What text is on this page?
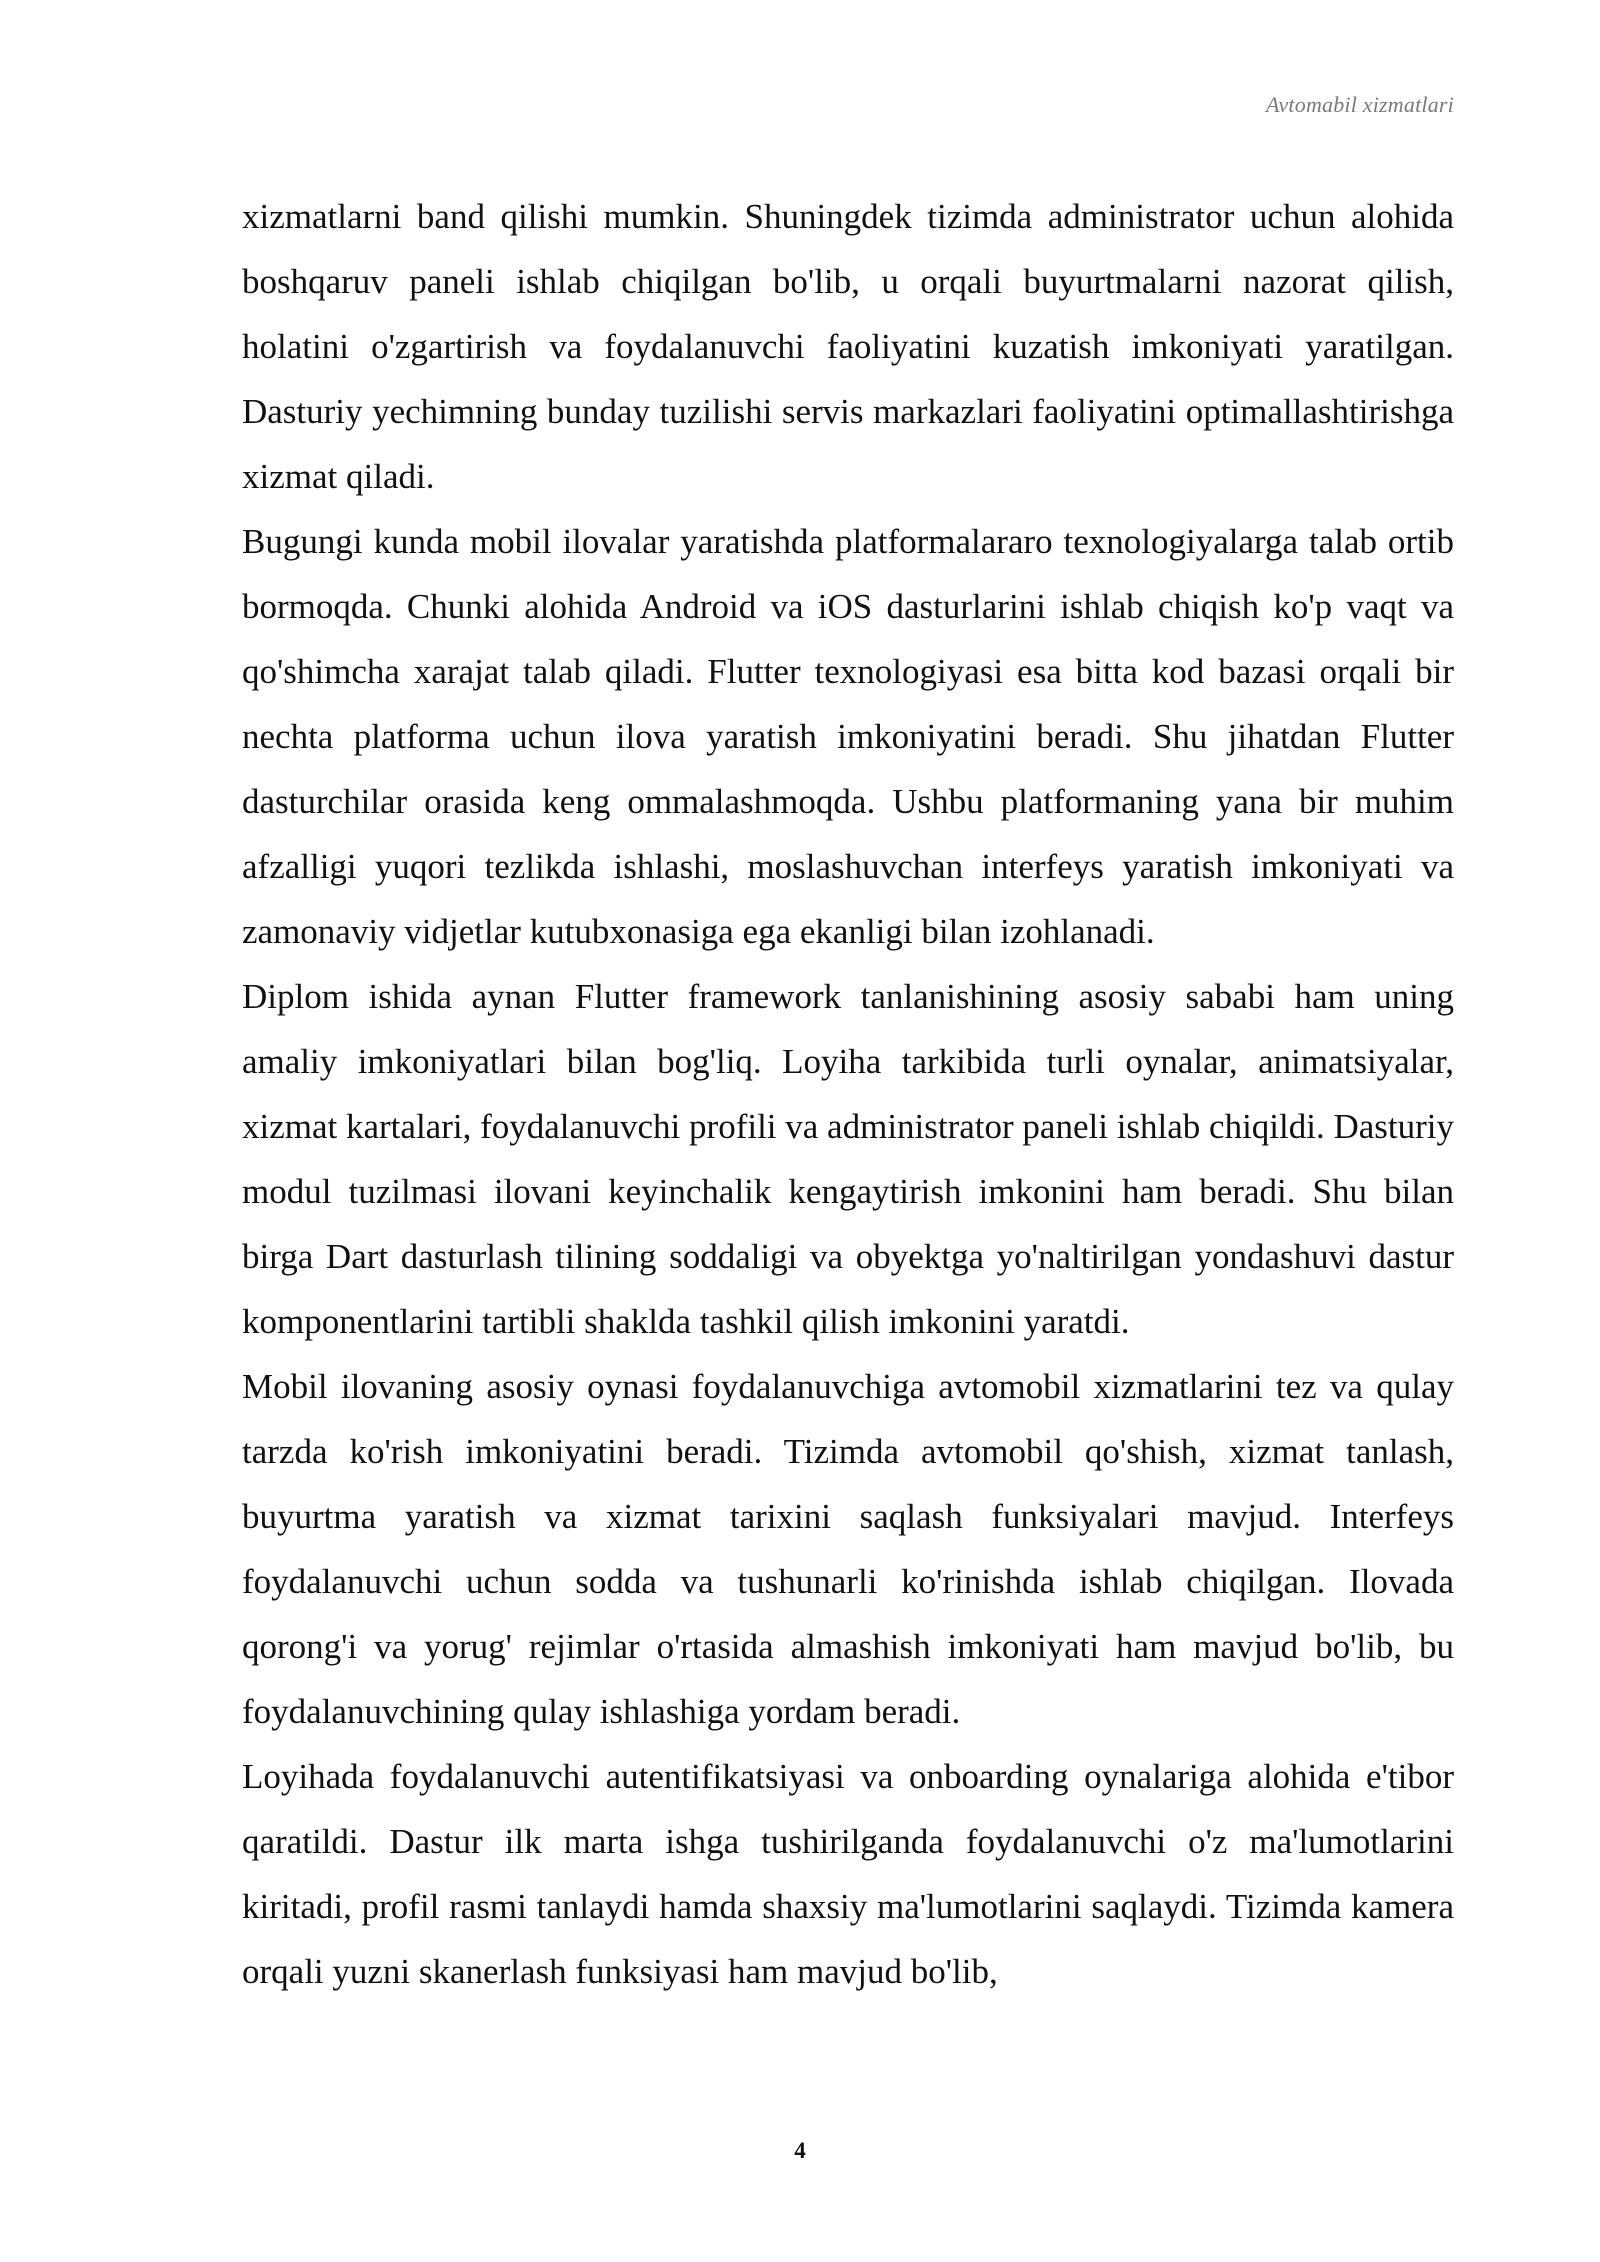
Avtomabil xizmatlari

xizmatlarni band qilishi mumkin. Shuningdek tizimda administrator uchun alohida boshqaruv paneli ishlab chiqilgan bo'lib, u orqali buyurtmalarni nazorat qilish, holatini o'zgartirish va foydalanuvchi faoliyatini kuzatish imkoniyati yaratilgan. Dasturiy yechimning bunday tuzilishi servis markazlari faoliyatini optimallashtirishga xizmat qiladi.

Bugungi kunda mobil ilovalar yaratishda platformalararo texnologiyalarga talab ortib bormoqda. Chunki alohida Android va iOS dasturlarini ishlab chiqish ko'p vaqt va qo'shimcha xarajat talab qiladi. Flutter texnologiyasi esa bitta kod bazasi orqali bir nechta platforma uchun ilova yaratish imkoniyatini beradi. Shu jihatdan Flutter dasturchilar orasida keng ommalashmoqda. Ushbu platformaning yana bir muhim afzalligi yuqori tezlikda ishlashi, moslashuvchan interfeys yaratish imkoniyati va zamonaviy vidjetlar kutubxonasiga ega ekanligi bilan izohlanadi.

Diplom ishida aynan Flutter framework tanlanishining asosiy sababi ham uning amaliy imkoniyatlari bilan bog'liq. Loyiha tarkibida turli oynalar, animatsiyalar, xizmat kartalari, foydalanuvchi profili va administrator paneli ishlab chiqildi. Dasturiy modul tuzilmasi ilovani keyinchalik kengaytirish imkonini ham beradi. Shu bilan birga Dart dasturlash tilining soddaligi va obyektga yo'naltirilgan yondashuvi dastur komponentlarini tartibli shaklda tashkil qilish imkonini yaratdi.

Mobil ilovaning asosiy oynasi foydalanuvchiga avtomobil xizmatlarini tez va qulay tarzda ko'rish imkoniyatini beradi. Tizimda avtomobil qo'shish, xizmat tanlash, buyurtma yaratish va xizmat tarixini saqlash funksiyalari mavjud. Interfeys foydalanuvchi uchun sodda va tushunarli ko'rinishda ishlab chiqilgan. Ilovada qorong'i va yorug' rejimlar o'rtasida almashish imkoniyati ham mavjud bo'lib, bu foydalanuvchining qulay ishlashiga yordam beradi.

Loyihada foydalanuvchi autentifikatsiyasi va onboarding oynalariga alohida e'tibor qaratildi. Dastur ilk marta ishga tushirilganda foydalanuvchi o'z ma'lumotlarini kiritadi, profil rasmi tanlaydi hamda shaxsiy ma'lumotlarini saqlaydi. Tizimda kamera orqali yuzni skanerlash funksiyasi ham mavjud bo'lib,

4
